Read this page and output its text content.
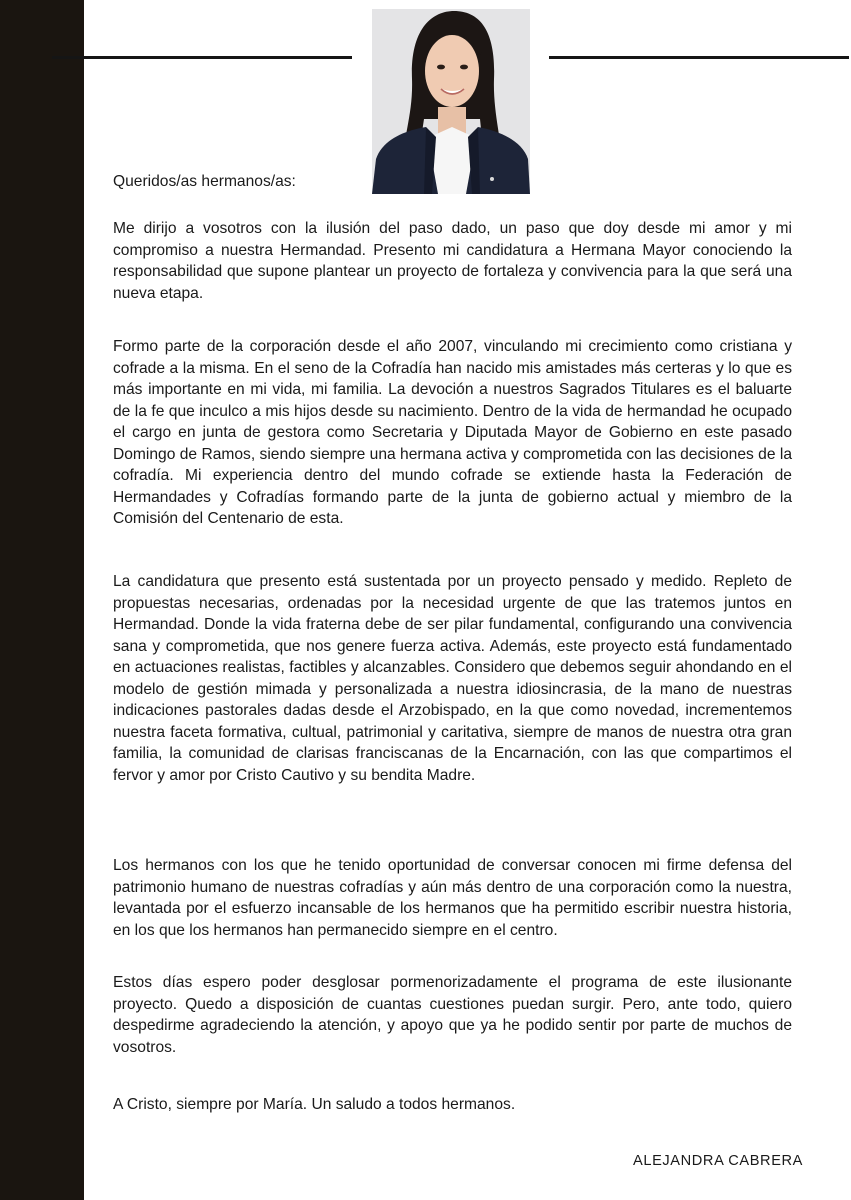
Queridos/as hermanos/as:

Me dirijo a vosotros con la ilusión del paso dado, un paso que doy desde mi amor y mi compromiso a nuestra Hermandad. Presento mi candidatura a Hermana Mayor conociendo la responsabilidad que supone plantear un proyecto de fortaleza y convivencia para la que será una nueva etapa.

Formo parte de la corporación desde el año 2007, vinculando mi crecimiento como cristiana y cofrade a la misma. En el seno de la Cofradía han nacido mis amistades más certeras y lo que es más importante en mi vida, mi familia. La devoción a nuestros Sagrados Titulares es el baluarte de la fe que inculco a mis hijos desde su nacimiento. Dentro de la vida de hermandad he ocupado el cargo en junta de gestora como Secretaria y Diputada Mayor de Gobierno en este pasado Domingo de Ramos, siendo siempre una hermana activa y comprometida con las decisiones de la cofradía. Mi experiencia dentro del mundo cofrade se extiende hasta la Federación de Hermandades y Cofradías formando parte de la junta de gobierno actual y miembro de la Comisión del Centenario de esta.

La candidatura que presento está sustentada por un proyecto pensado y medido. Repleto de propuestas necesarias, ordenadas por la necesidad urgente de que las tratemos juntos en Hermandad. Donde la vida fraterna debe de ser pilar fundamental, configurando una convivencia sana y comprometida, que nos genere fuerza activa. Además, este proyecto está fundamentado en actuaciones realistas, factibles y alcanzables. Considero que debemos seguir ahondando en el modelo de gestión mimada y personalizada a nuestra idiosincrasia, de la mano de nuestras indicaciones pastorales dadas desde el Arzobispado, en la que como novedad, incrementemos nuestra faceta formativa, cultual, patrimonial y caritativa, siempre de manos de nuestra otra gran familia, la comunidad de clarisas franciscanas de la Encarnación, con las que compartimos el fervor y amor por Cristo Cautivo y su bendita Madre.

Los hermanos con los que he tenido oportunidad de conversar conocen mi firme defensa del patrimonio humano de nuestras cofradías y aún más dentro de una corporación como la nuestra, levantada por el esfuerzo incansable de los hermanos que ha permitido escribir nuestra historia, en los que los hermanos han permanecido siempre en el centro.

Estos días espero poder desglosar pormenorizadamente el programa de este ilusionante proyecto. Quedo a disposición de cuantas cuestiones puedan surgir. Pero, ante todo, quiero despedirme agradeciendo la atención, y apoyo que ya he podido sentir por parte de muchos de vosotros.

A Cristo, siempre por María. Un saludo a todos hermanos.

ALEJANDRA CABRERA
